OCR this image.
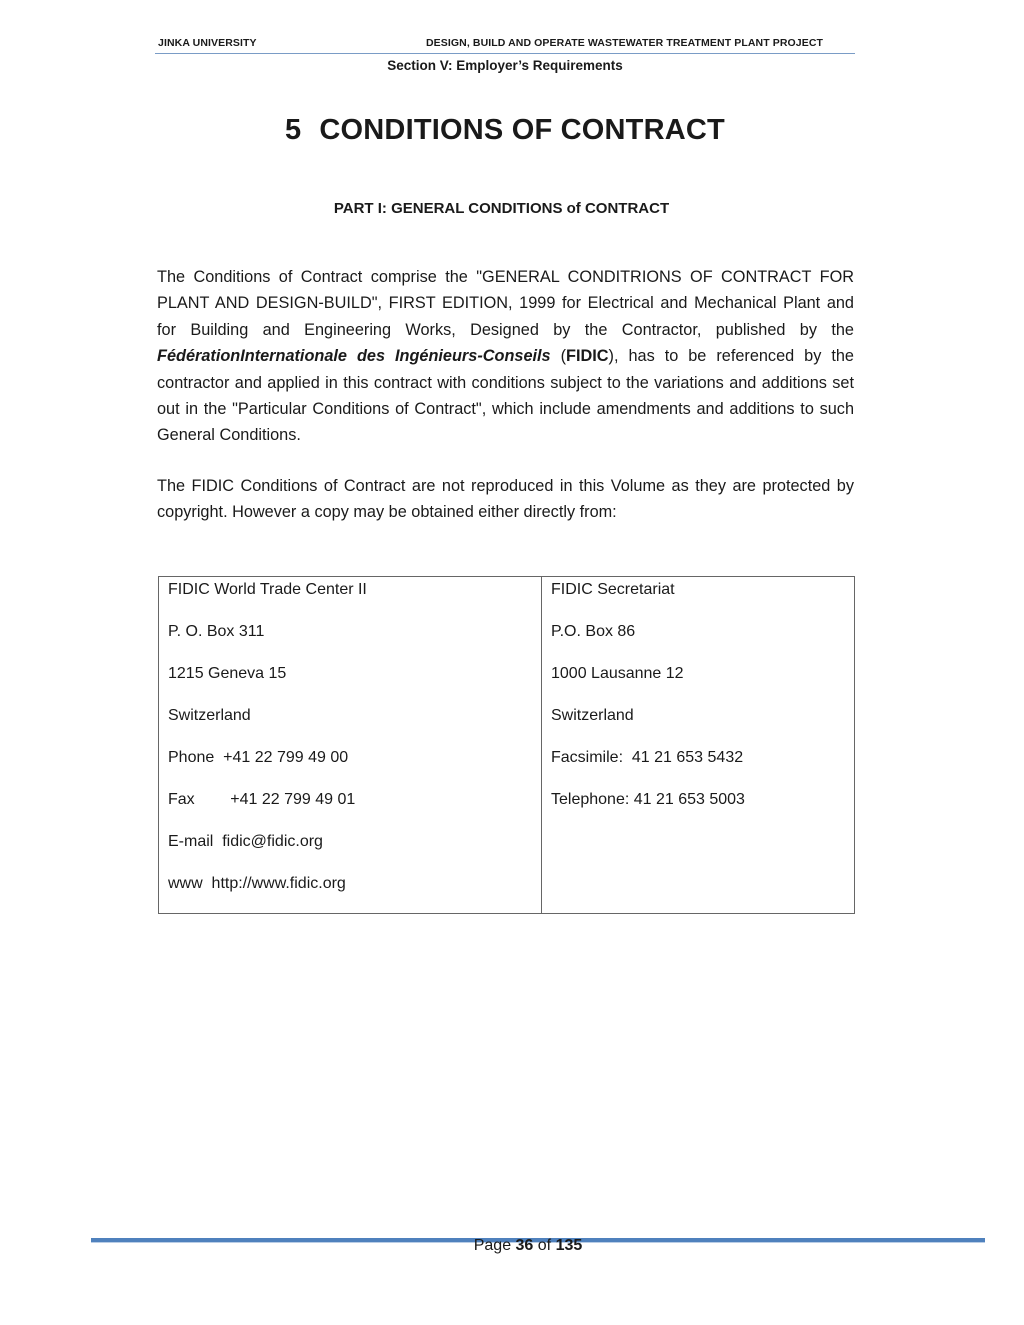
JINKA UNIVERSITY	DESIGN, BUILD AND OPERATE WASTEWATER TREATMENT PLANT PROJECT
Section V: Employer’s Requirements
5 CONDITIONS OF CONTRACT
PART I: GENERAL CONDITIONS of CONTRACT

The Conditions of Contract comprise the "GENERAL CONDITRIONS OF CONTRACT FOR PLANT AND DESIGN-BUILD", FIRST EDITION, 1999 for Electrical and Mechanical Plant and for Building and Engineering Works, Designed by the Contractor, published by the FédérationInternationale des Ingénieurs-Conseils (FIDIC), has to be referenced by the contractor and applied in this contract with conditions subject to the variations and additions set out in the "Particular Conditions of Contract", which include amendments and additions to such General Conditions.

The FIDIC Conditions of Contract are not reproduced in this Volume as they are protected by copyright. However a copy may be obtained either directly from:

FIDIC World Trade Center II
P. O. Box 311
1215 Geneva 15
Switzerland
Phone  +41 22 799 49 00
Fax        +41 22 799 49 01
E-mail  fidic@fidic.org
www  http://www.fidic.org

FIDIC Secretariat
P.O. Box 86
1000 Lausanne 12
Switzerland
Facsimile:  41 21 653 5432
Telephone: 41 21 653 5003
Page 36 of 135
